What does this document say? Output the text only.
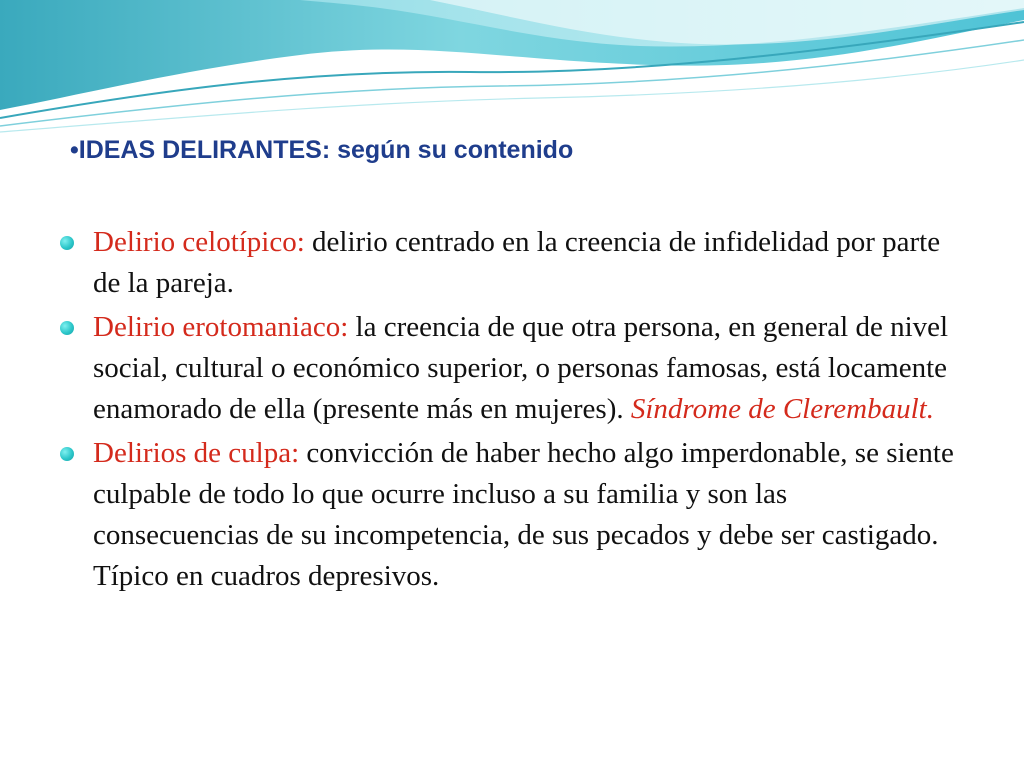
•IDEAS DELIRANTES: según su contenido
Delirio celotípico: delirio centrado en la creencia de infidelidad por parte de la pareja.
Delirio erotomaniaco: la creencia de que otra persona, en general de nivel social, cultural o económico superior, o personas famosas, está locamente enamorado de ella (presente más en mujeres). Síndrome de Clerembault.
Delirios de culpa: convicción de haber hecho algo imperdonable, se siente culpable de todo lo que ocurre incluso a su familia y son las consecuencias de su incompetencia, de sus pecados y debe ser castigado. Típico en cuadros depresivos.
